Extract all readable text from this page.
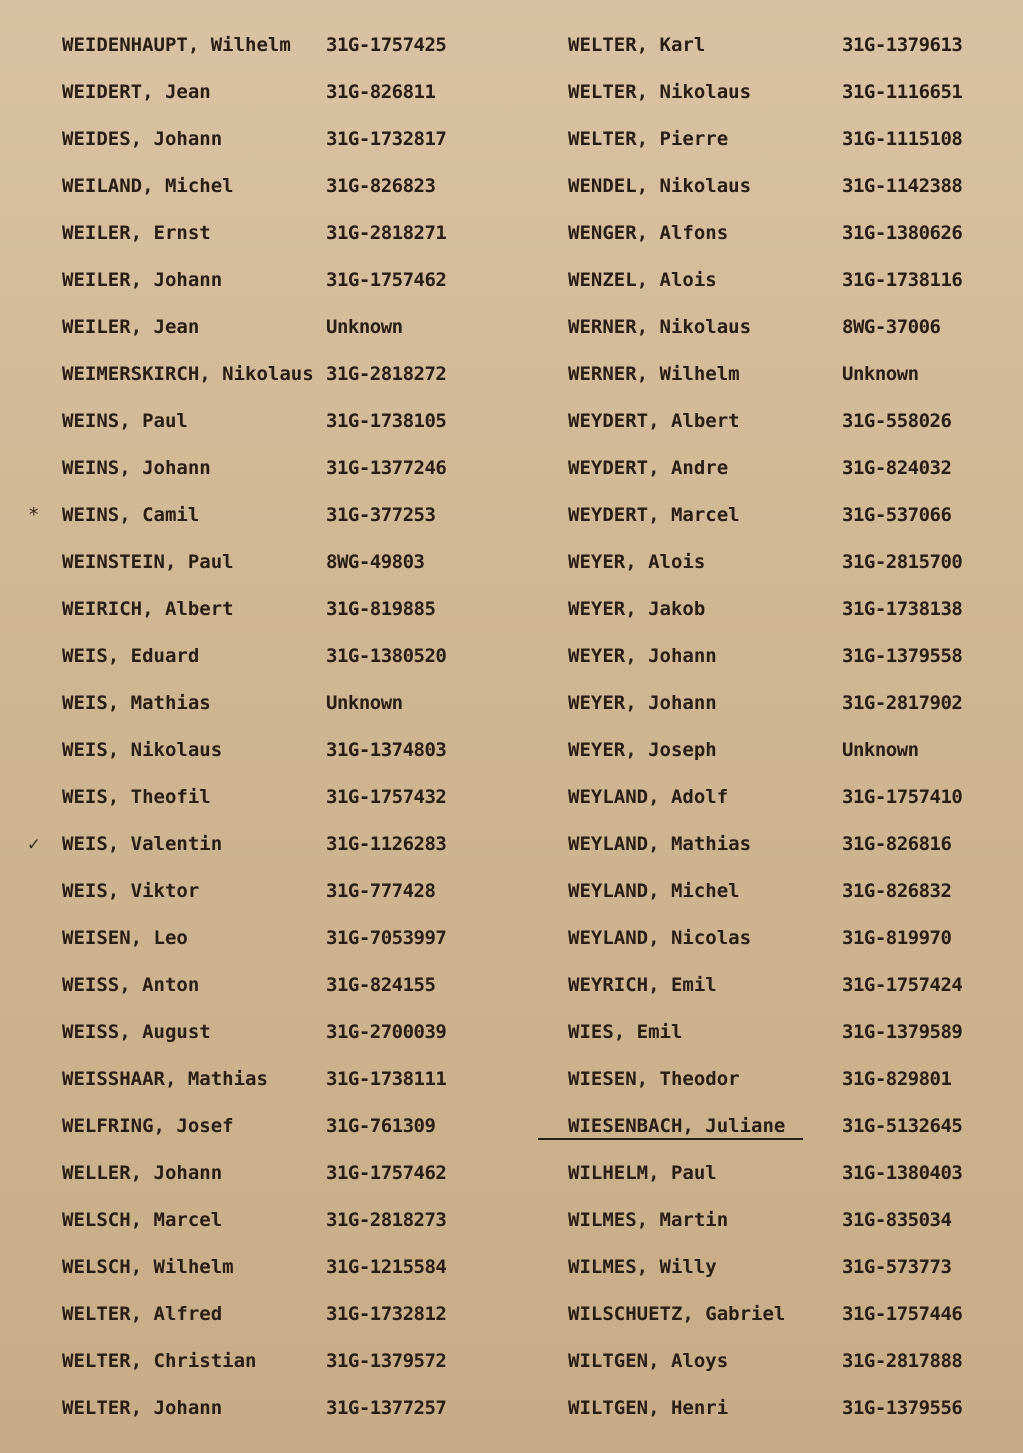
WEIDENHAUPT, Wilhelm 31G-1757425
WEIDERT, Jean	31G-826811
WEIDES, Johann	31G-1732817
WEILAND, Michel	31G-826823
WEILER, Ernst	31G-2818271
WEILER, Johann	31G-1757462
WEILER, Jean	Unknown
WEIMERSKIRCH, Nikolaus 31G-2818272
WEINS, Paul	31G-1738105
WEINS, Johann	31G-1377246
* WEINS, Camil	31G-377253
WEINSTEIN, Paul	8WG-49803
WEIRICH, Albert	31G-819885
WEIS, Eduard	31G-1380520
WEIS, Mathias	Unknown
WEIS, Nikolaus	31G-1374803
WEIS, Theofil	31G-1757432
✓ WEIS, Valentin	31G-1126283
WEIS, Viktor	31G-777428
WEISEN, Leo	31G-7053997
WEISS, Anton	31G-824155
WEISS, August	31G-2700039
WEISSHAAR, Mathias	31G-1738111
WELFRING, Josef	31G-761309
WELLER, Johann	31G-1757462
WELSCH, Marcel	31G-2818273
WELSCH, Wilhelm	31G-1215584
WELTER, Alfred	31G-1732812
WELTER, Christian	31G-1379572
WELTER, Johann	31G-1377257
WELTER, Karl	31G-1379613
WELTER, Nikolaus	31G-1116651
WELTER, Pierre	31G-1115108
WENDEL, Nikolaus	31G-1142388
WENGER, Alfons	31G-1380626
WENZEL, Alois	31G-1738116
WERNER, Nikolaus	8WG-37006
WERNER, Wilhelm	Unknown
WEYDERT, Albert	31G-558026
WEYDERT, Andre	31G-824032
WEYDERT, Marcel	31G-537066
WEYER, Alois	31G-2815700
WEYER, Jakob	31G-1738138
WEYER, Johann	31G-1379558
WEYER, Johann	31G-2817902
WEYER, Joseph	Unknown
WEYLAND, Adolf	31G-1757410
WEYLAND, Mathias	31G-826816
WEYLAND, Michel	31G-826832
WEYLAND, Nicolas	31G-819970
WEYRICH, Emil	31G-1757424
WIES, Emil	31G-1379589
WIESEN, Theodor	31G-829801
WIESENBACH, Juliane	31G-5132645
WILHELM, Paul	31G-1380403
WILMES, Martin	31G-835034
WILMES, Willy	31G-573773
WILSCHUETZ, Gabriel	31G-1757446
WILTGEN, Aloys	31G-2817888
WILTGEN, Henri	31G-1379556
